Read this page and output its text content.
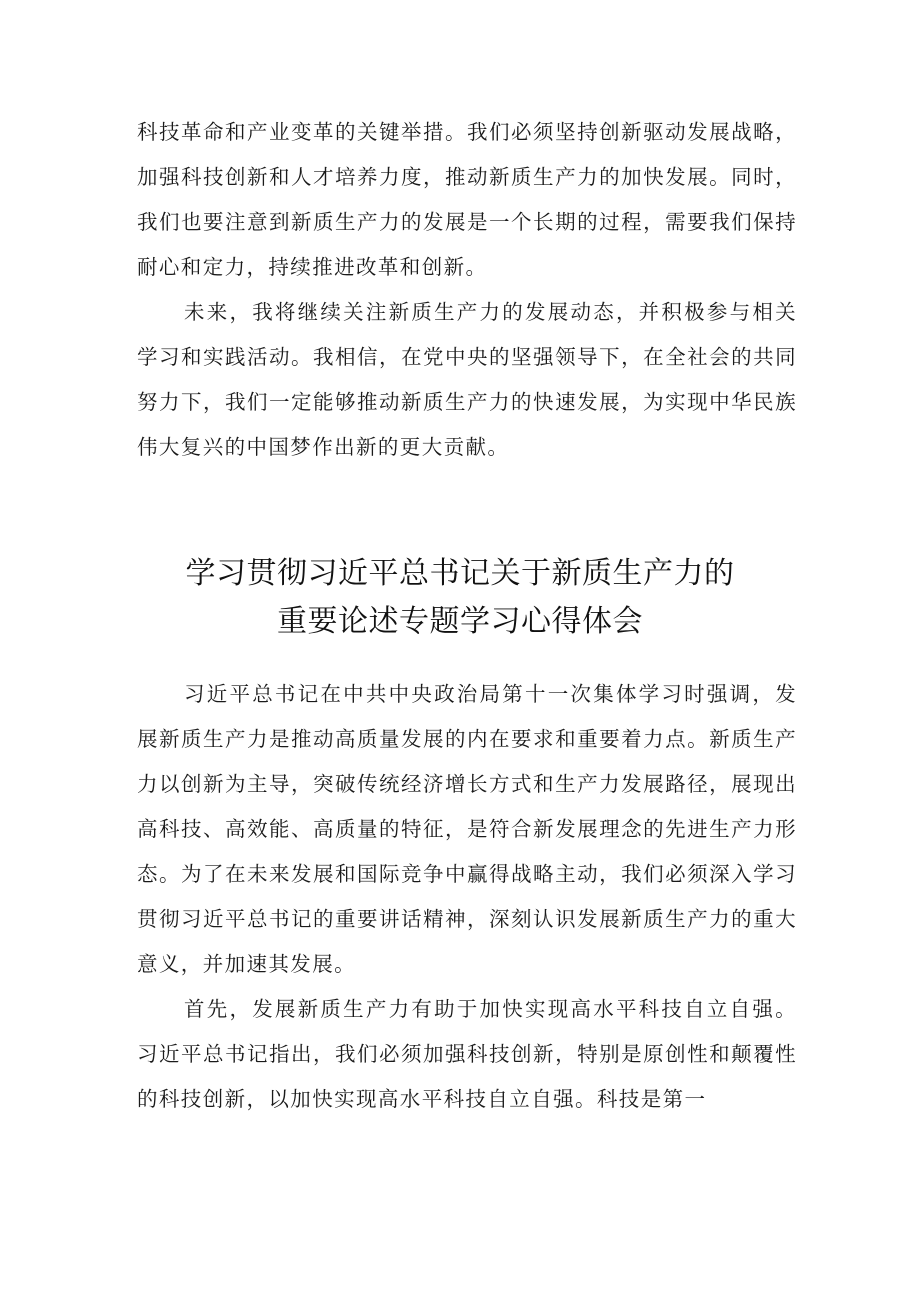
科技革命和产业变革的关键举措。我们必须坚持创新驱动发展战略，加强科技创新和人才培养力度，推动新质生产力的加快发展。同时，我们也要注意到新质生产力的发展是一个长期的过程，需要我们保持耐心和定力，持续推进改革和创新。

未来，我将继续关注新质生产力的发展动态，并积极参与相关学习和实践活动。我相信，在党中央的坚强领导下，在全社会的共同努力下，我们一定能够推动新质生产力的快速发展，为实现中华民族伟大复兴的中国梦作出新的更大贡献。

学习贯彻习近平总书记关于新质生产力的
重要论述专题学习心得体会

习近平总书记在中共中央政治局第十一次集体学习时强调，发展新质生产力是推动高质量发展的内在要求和重要着力点。新质生产力以创新为主导，突破传统经济增长方式和生产力发展路径，展现出高科技、高效能、高质量的特征，是符合新发展理念的先进生产力形态。为了在未来发展和国际竞争中赢得战略主动，我们必须深入学习贯彻习近平总书记的重要讲话精神，深刻认识发展新质生产力的重大意义，并加速其发展。

首先，发展新质生产力有助于加快实现高水平科技自立自强。习近平总书记指出，我们必须加强科技创新，特别是原创性和颠覆性的科技创新，以加快实现高水平科技自立自强。科技是第一
